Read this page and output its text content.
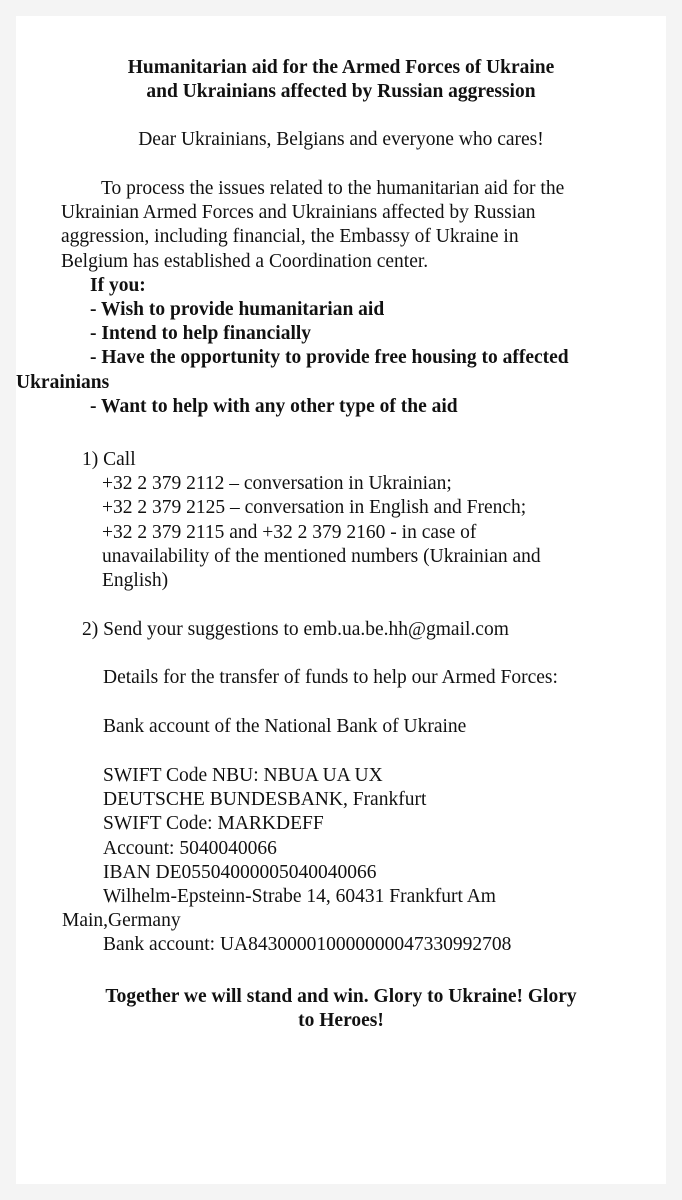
Humanitarian aid for the Armed Forces of Ukraine
and Ukrainians affected by Russian aggression
Dear Ukrainians, Belgians and everyone who cares!
To process the issues related to the humanitarian aid for the
Ukrainian Armed Forces and Ukrainians affected by Russian
aggression, including financial, the Embassy of Ukraine in
Belgium has established a Coordination center.
If you:
- Wish to provide humanitarian aid
- Intend to help financially
- Have the opportunity to provide free housing to affected
Ukrainians
- Want to help with any other type of the aid
1) Call
+32 2 379 2112 – conversation in Ukrainian;
+32 2 379 2125 – conversation in English and French;
+32 2 379 2115 and +32 2 379 2160 - in case of
unavailability of the mentioned numbers (Ukrainian and
English)
2) Send your suggestions to emb.ua.be.hh@gmail.com
Details for the transfer of funds to help our Armed Forces:
Bank account of the National Bank of Ukraine
SWIFT Code NBU: NBUA UA UX
DEUTSCHE BUNDESBANK, Frankfurt
SWIFT Code: MARKDEFF
Account: 5040040066
IBAN DE05504000005040040066
Wilhelm-Epsteinn-Strabe 14, 60431 Frankfurt Am
Main,Germany
Bank account: UA843000010000000047330992708
Together we will stand and win. Glory to Ukraine! Glory
to Heroes!
